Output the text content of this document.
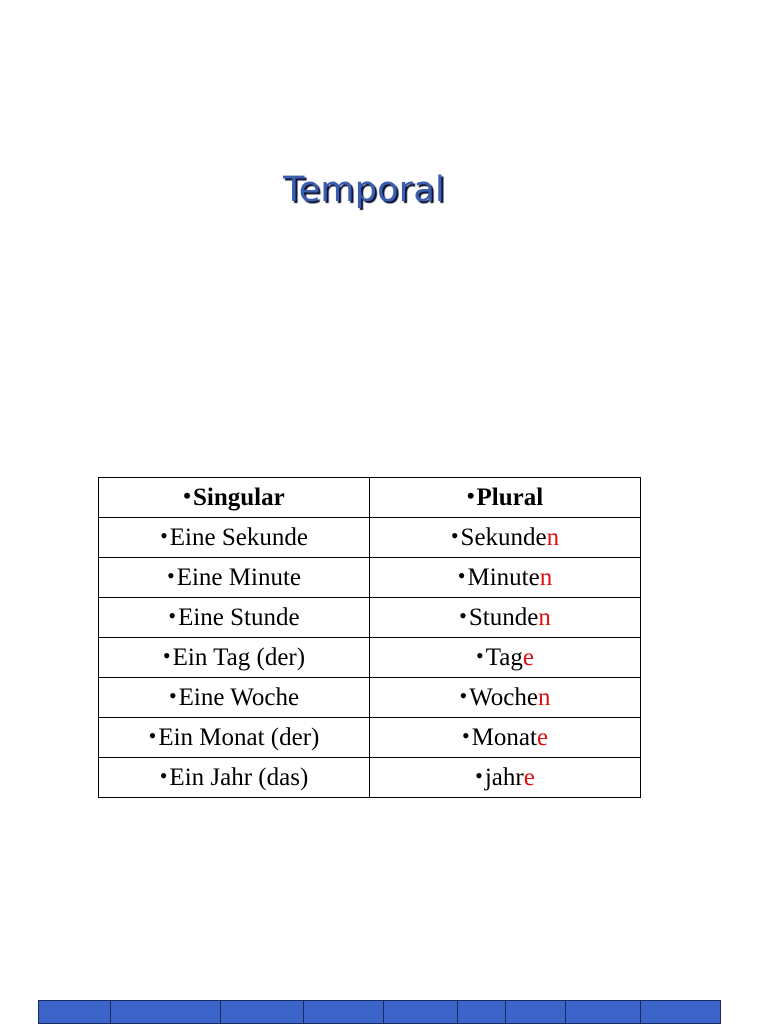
Temporal
•Singular	•Plural
•Eine Sekunde	•Sekunden
•Eine Minute	•Minuten
•Eine Stunde	•Stunden
•Ein Tag (der)	•Tage
•Eine Woche	•Wochen
•Ein Monat (der)	•Monate
•Ein Jahr (das)	•jahre
